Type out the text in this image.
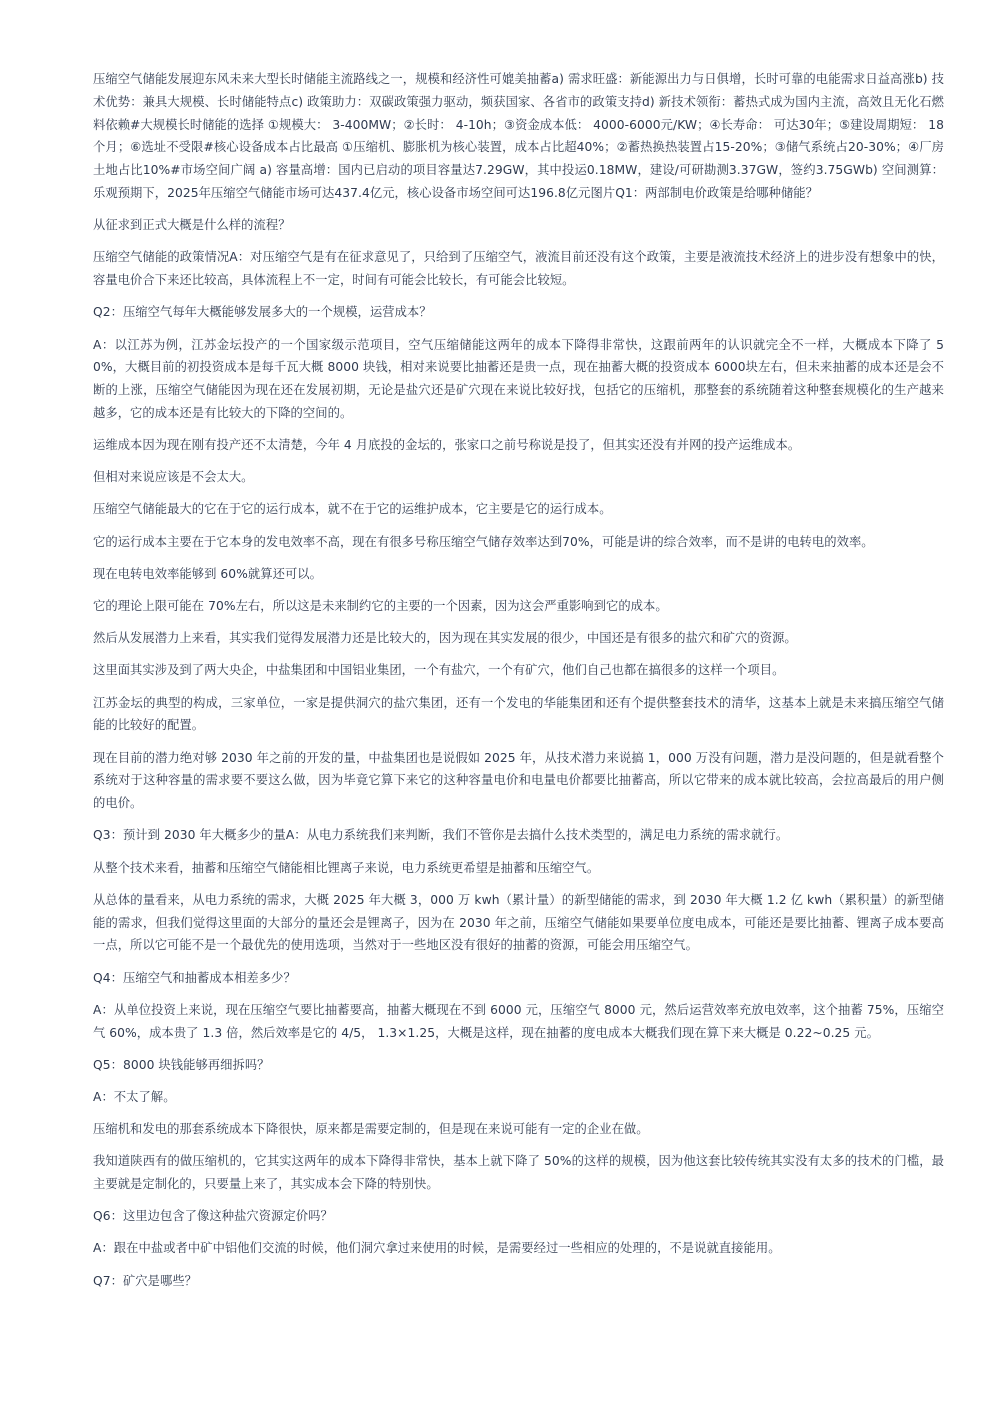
压缩空气储能发展迎东风未来大型长时储能主流路线之一，规模和经济性可媲美抽蓄a) 需求旺盛：新能源出力与日俱增，长时可靠的电能需求日益高涨b) 技术优势：兼具大规模、长时储能特点c) 政策助力：双碳政策强力驱动，频获国家、各省市的政策支持d) 新技术领衔：蓄热式成为国内主流，高效且无化石燃料依赖#大规模长时储能的选择 ①规模大： 3-400MW；②长时： 4-10h；③资金成本低： 4000-6000元/KW；④长寿命： 可达30年；⑤建设周期短： 18个月；⑥选址不受限#核心设备成本占比最高 ①压缩机、膨胀机为核心装置，成本占比超40%；②蓄热换热装置占15-20%；③储气系统占20-30%；④厂房土地占比10%#市场空间广阔 a) 容量高增：国内已启动的项目容量达7.29GW，其中投运0.18MW，建设/可研勘测3.37GW，签约3.75GWb) 空间测算：乐观预期下，2025年压缩空气储能市场可达437.4亿元，核心设备市场空间可达196.8亿元图片Q1：两部制电价政策是给哪种储能？

从征求到正式大概是什么样的流程？

压缩空气储能的政策情况A：对压缩空气是有在征求意见了，只给到了压缩空气，液流目前还没有这个政策，主要是液流技术经济上的进步没有想象中的快，容量电价合下来还比较高，具体流程上不一定，时间有可能会比较长，有可能会比较短。

Q2：压缩空气每年大概能够发展多大的一个规模，运营成本？

A：以江苏为例，江苏金坛投产的一个国家级示范项目，空气压缩储能这两年的成本下降得非常快，这跟前两年的认识就完全不一样，大概成本下降了 50%，大概目前的初投资成本是每千瓦大概 8000 块钱，相对来说要比抽蓄还是贵一点，现在抽蓄大概的投资成本 6000块左右，但未来抽蓄的成本还是会不断的上涨，压缩空气储能因为现在还在发展初期，无论是盐穴还是矿穴现在来说比较好找，包括它的压缩机，那整套的系统随着这种整套规模化的生产越来越多，它的成本还是有比较大的下降的空间的。

运维成本因为现在刚有投产还不太清楚，今年 4 月底投的金坛的，张家口之前号称说是投了，但其实还没有并网的投产运维成本。

但相对来说应该是不会太大。

压缩空气储能最大的它在于它的运行成本，就不在于它的运维护成本，它主要是它的运行成本。

它的运行成本主要在于它本身的发电效率不高，现在有很多号称压缩空气储存效率达到70%，可能是讲的综合效率，而不是讲的电转电的效率。

现在电转电效率能够到 60%就算还可以。

它的理论上限可能在 70%左右，所以这是未来制约它的主要的一个因素，因为这会严重影响到它的成本。

然后从发展潜力上来看，其实我们觉得发展潜力还是比较大的，因为现在其实发展的很少，中国还是有很多的盐穴和矿穴的资源。

这里面其实涉及到了两大央企，中盐集团和中国铝业集团，一个有盐穴，一个有矿穴，他们自己也都在搞很多的这样一个项目。

江苏金坛的典型的构成，三家单位，一家是提供洞穴的盐穴集团，还有一个发电的华能集团和还有个提供整套技术的清华，这基本上就是未来搞压缩空气储能的比较好的配置。

现在目前的潜力绝对够 2030 年之前的开发的量，中盐集团也是说假如 2025 年，从技术潜力来说搞 1，000 万没有问题，潜力是没问题的，但是就看整个系统对于这种容量的需求要不要这么做，因为毕竟它算下来它的这种容量电价和电量电价都要比抽蓄高，所以它带来的成本就比较高，会拉高最后的用户侧的电价。

Q3：预计到 2030 年大概多少的量A：从电力系统我们来判断，我们不管你是去搞什么技术类型的，满足电力系统的需求就行。

从整个技术来看，抽蓄和压缩空气储能相比锂离子来说，电力系统更希望是抽蓄和压缩空气。

从总体的量看来，从电力系统的需求，大概 2025 年大概 3，000 万 kwh（累计量）的新型储能的需求，到 2030 年大概 1.2 亿 kwh（累积量）的新型储能的需求，但我们觉得这里面的大部分的量还会是锂离子，因为在 2030 年之前，压缩空气储能如果要单位度电成本，可能还是要比抽蓄、锂离子成本要高一点，所以它可能不是一个最优先的使用选项，当然对于一些地区没有很好的抽蓄的资源，可能会用压缩空气。

Q4：压缩空气和抽蓄成本相差多少？

A：从单位投资上来说，现在压缩空气要比抽蓄要高，抽蓄大概现在不到 6000 元，压缩空气 8000 元，然后运营效率充放电效率，这个抽蓄 75%，压缩空气 60%，成本贵了 1.3 倍，然后效率是它的 4/5， 1.3×1.25，大概是这样，现在抽蓄的度电成本大概我们现在算下来大概是 0.22~0.25 元。

Q5：8000 块钱能够再细拆吗？

A：不太了解。

压缩机和发电的那套系统成本下降很快，原来都是需要定制的，但是现在来说可能有一定的企业在做。

我知道陕西有的做压缩机的，它其实这两年的成本下降得非常快，基本上就下降了 50%的这样的规模，因为他这套比较传统其实没有太多的技术的门槛，最主要就是定制化的，只要量上来了，其实成本会下降的特别快。

Q6：这里边包含了像这种盐穴资源定价吗？

A：跟在中盐或者中矿中铝他们交流的时候，他们洞穴拿过来使用的时候，是需要经过一些相应的处理的，不是说就直接能用。

Q7：矿穴是哪些？
